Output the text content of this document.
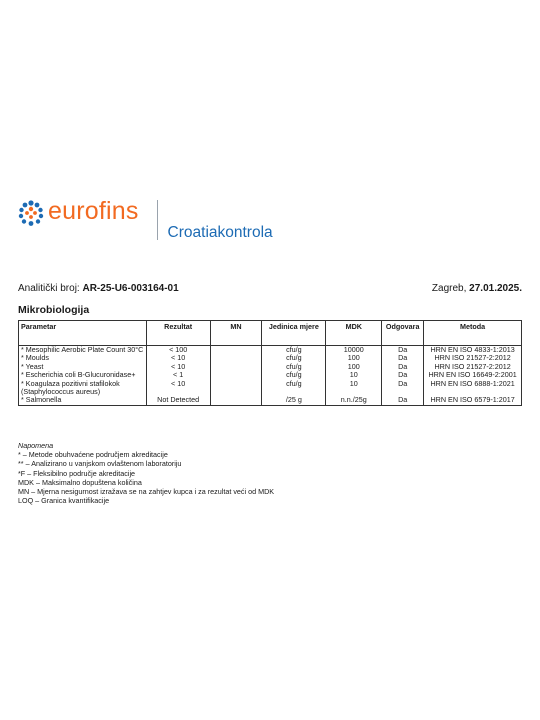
eurofins
Croatiakontrola
Analitički broj: AR-25-U6-003164-01	Zagreb, 27.01.2025.
Mikrobiologija
Parametar	Rezultat	MN	Jedinica mjere	MDK	Odgovara	Metoda
* Mesophilic Aerobic Plate Count 30°C	< 100		cfu/g	10000	Da	HRN EN ISO 4833-1:2013
* Moulds	< 10		cfu/g	100	Da	HRN ISO 21527-2:2012
* Yeast	< 10		cfu/g	100	Da	HRN ISO 21527-2:2012
* Escherichia coli B-Glucuronidase+	< 1		cfu/g	10	Da	HRN EN ISO 16649-2:2001
* Koagulaza pozitivni stafilokok (Staphylococcus aureus)	< 10		cfu/g	10	Da	HRN EN ISO 6888-1:2021
* Salmonella	Not Detected		/25 g	n.n./25g	Da	HRN EN ISO 6579-1:2017
Napomena
* – Metode obuhvaćene područjem akreditacije
** – Analizirano u vanjskom ovlaštenom laboratoriju
*F – Fleksibilno područje akreditacije
MDK – Maksimalno dopuštena količina
MN – Mjerna nesigurnost izražava se na zahtjev kupca i za rezultat veći od MDK
LOQ – Granica kvantifikacije
